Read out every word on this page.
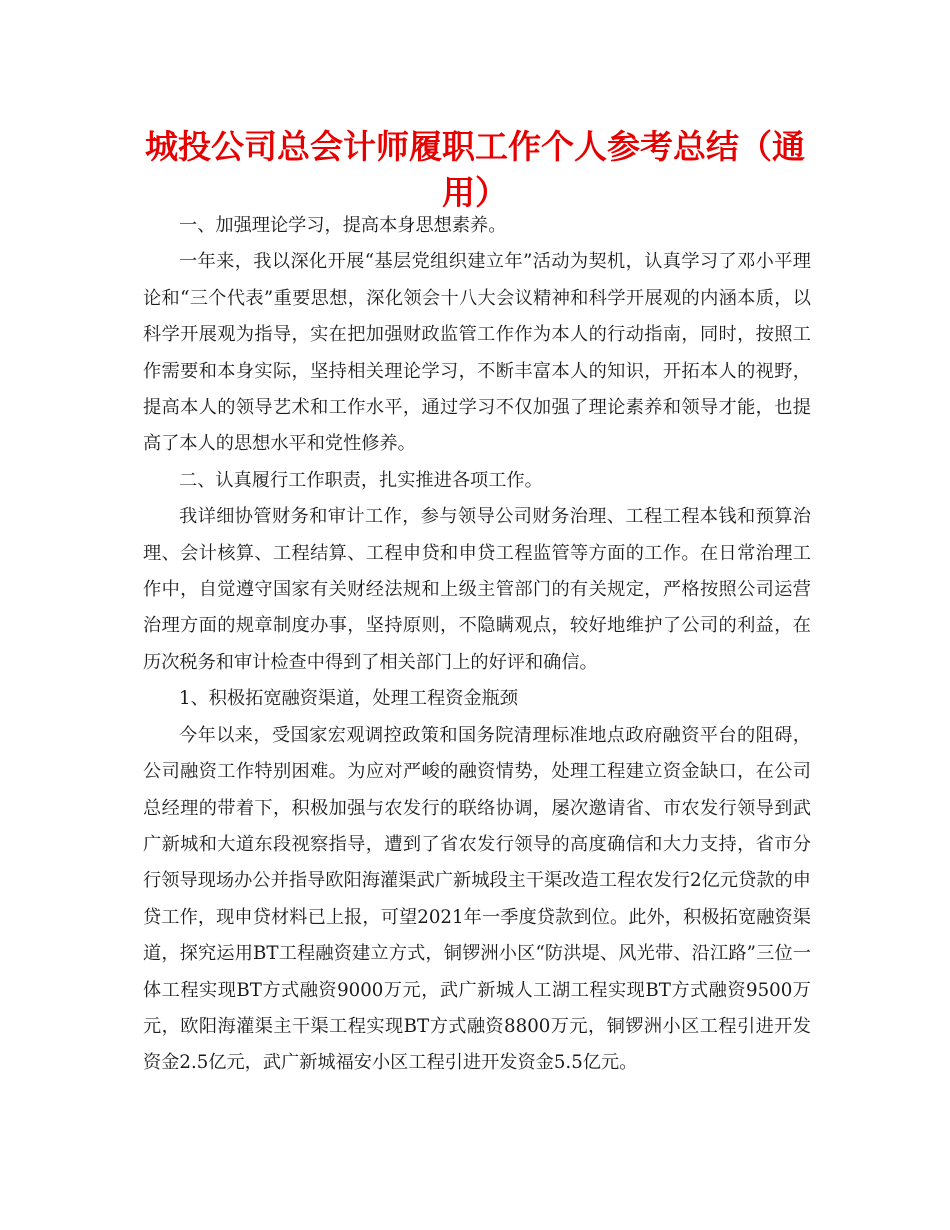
城投公司总会计师履职工作个人参考总结（通用）

一、加强理论学习，提高本身思想素养。

一年来，我以深化开展“基层党组织建立年”活动为契机，认真学习了邓小平理论和“三个代表”重要思想，深化领会十八大会议精神和科学开展观的内涵本质，以科学开展观为指导，实在把加强财政监管工作作为本人的行动指南，同时，按照工作需要和本身实际，坚持相关理论学习，不断丰富本人的知识，开拓本人的视野，提高本人的领导艺术和工作水平，通过学习不仅加强了理论素养和领导才能，也提高了本人的思想水平和党性修养。

二、认真履行工作职责，扎实推进各项工作。

我详细协管财务和审计工作，参与领导公司财务治理、工程工程本钱和预算治理、会计核算、工程结算、工程申贷和申贷工程监管等方面的工作。在日常治理工作中，自觉遵守国家有关财经法规和上级主管部门的有关规定，严格按照公司运营治理方面的规章制度办事，坚持原则，不隐瞒观点，较好地维护了公司的利益，在历次税务和审计检查中得到了相关部门上的好评和确信。

1、积极拓宽融资渠道，处理工程资金瓶颈

今年以来，受国家宏观调控政策和国务院清理标准地点政府融资平台的阻碍，公司融资工作特别困难。为应对严峻的融资情势，处理工程建立资金缺口，在公司总经理的带着下，积极加强与农发行的联络协调，屡次邀请省、市农发行领导到武广新城和大道东段视察指导，遭到了省农发行领导的高度确信和大力支持，省市分行领导现场办公并指导欧阳海灌渠武广新城段主干渠改造工程农发行2亿元贷款的申贷工作，现申贷材料已上报，可望2021年一季度贷款到位。此外，积极拓宽融资渠道，探究运用BT工程融资建立方式，铜锣洲小区“防洪堤、风光带、沿江路”三位一体工程实现BT方式融资9000万元，武广新城人工湖工程实现BT方式融资9500万元，欧阳海灌渠主干渠工程实现BT方式融资8800万元，铜锣洲小区工程引进开发资金2.5亿元，武广新城福安小区工程引进开发资金5.5亿元。
